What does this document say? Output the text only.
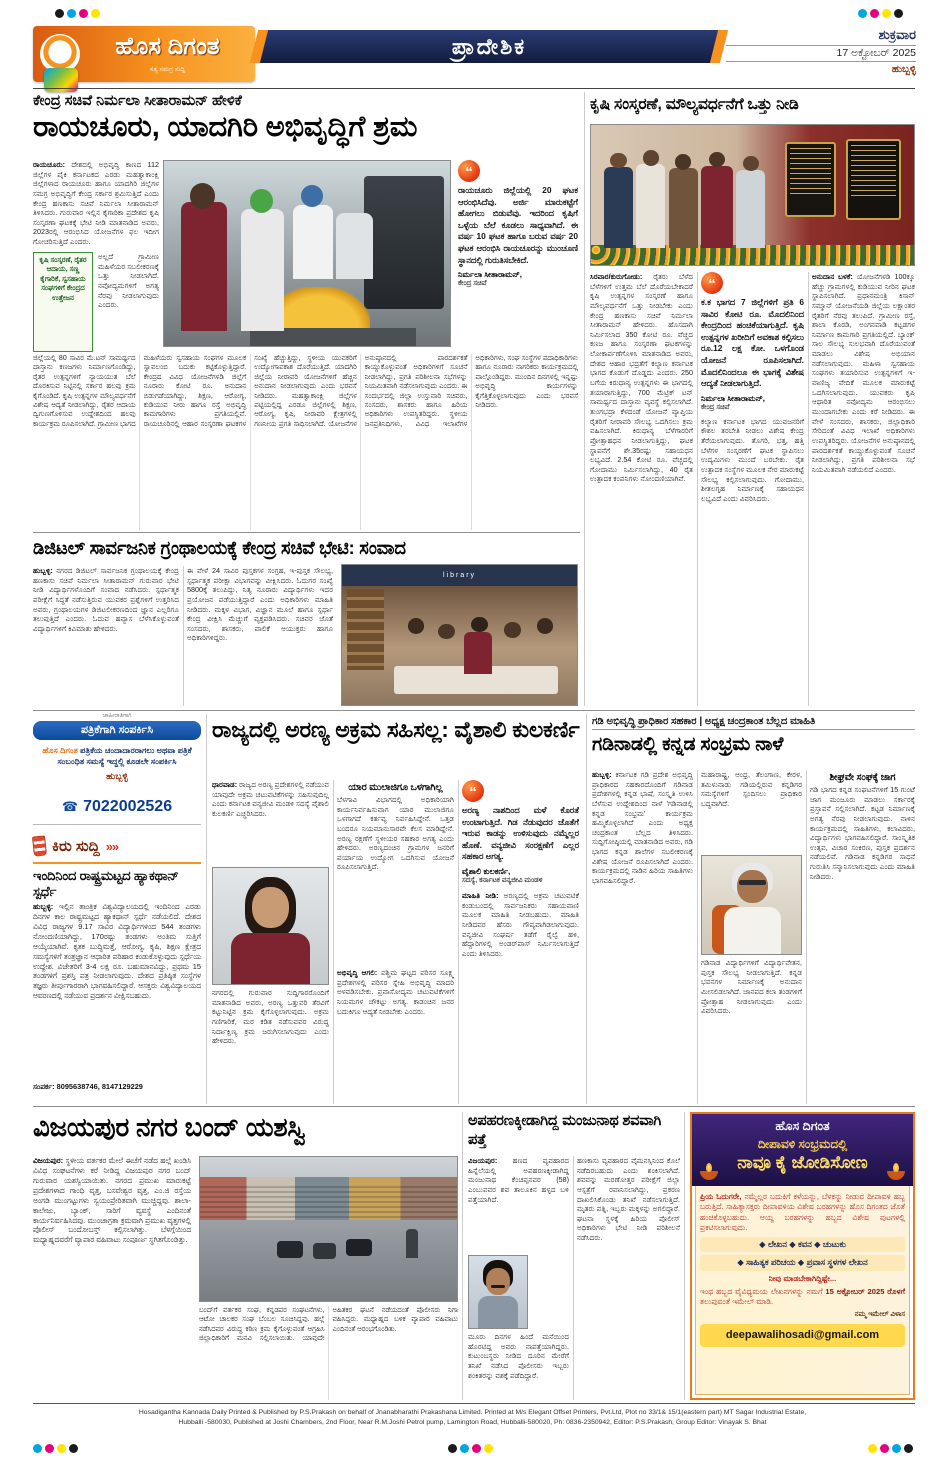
ಹೊಸ ದಿಗಂತ
ಸತ್ಯ ಸಮಗ್ರ ಸುದ್ದಿ
ಪ್ರಾದೇಶಿಕ	ಶುಕ್ರವಾರ
17 ಅಕ್ಟೋಬರ್ 2025
ಹುಬ್ಬಳ್ಳಿ
ಕೇಂದ್ರ ಸಚಿವೆ ನಿರ್ಮಲಾ ಸೀತಾರಾಮನ್ ಹೇಳಿಕೆ
ರಾಯಚೂರು, ಯಾದಗಿರಿ ಅಭಿವೃದ್ಧಿಗೆ ಶ್ರಮ
ರಾಯಚೂರು: ದೇಶದಲ್ಲಿ ಅಭಿವೃದ್ಧಿ ಕಾಣದ 112 ಜಿಲ್ಲೆಗಳ ಪೈಕಿ ಕರ್ನಾಟಕದ ಎರಡು ಮಹತ್ವಾಕಾಂಕ್ಷಿ ಜಿಲ್ಲೆಗಳಾದ ರಾಯಚೂರು ಹಾಗೂ ಯಾದಗಿರಿ ಜಿಲ್ಲೆಗಳ ಸಮಗ್ರ ಅಭಿವೃದ್ಧಿಗೆ ಕೇಂದ್ರ ಸರ್ಕಾರ ಶ್ರಮಿಸುತ್ತಿದೆ ಎಂದು ಕೇಂದ್ರ ಹಣಕಾಸು ಸಚಿವೆ ನಿರ್ಮಲಾ ಸೀತಾರಾಮನ್ ತಿಳಿಸಿದರು. ಗುರುವಾರ ಇಲ್ಲಿನ ಕೈಗಾರಿಕಾ ಪ್ರದೇಶದ ಕೃಷಿ ಸಂಸ್ಕರಣಾ ಘಟಕಕ್ಕೆ ಭೇಟಿ ನೀಡಿ ಮಾತನಾಡಿದ ಅವರು, 2023ರಲ್ಲಿ ಆರಂಭಿಸಿದ ಯೋಜನೆಗಳ ಫಲ ಇದೀಗ ಗೋಚರಿಸುತ್ತಿದೆ ಎಂದರು.
ಕೃಷಿ ಸಂಸ್ಕರಣೆ, ರೈತರ ಆದಾಯ, ಸಣ್ಣ ಕೈಗಾರಿಕೆ, ಸ್ವಸಹಾಯ ಸಂಘಗಳಿಗೆ ಕೇಂದ್ರದ ಉತ್ತೇಜನ
ಅಲ್ಲದೆ ಗ್ರಾಮೀಣ ಮಹಿಳೆಯರ ಸಬಲೀಕರಣಕ್ಕೆ ಒತ್ತು ನೀಡಲಾಗಿದೆ. ನವೋದ್ಯಮಗಳಿಗೆ ಅಗತ್ಯ ನೆರವು ನೀಡಲಾಗುವುದು ಎಂದರು.
“
ರಾಯಚೂರು ಜಿಲ್ಲೆಯಲ್ಲಿ 20 ಘಟಕ ಆರಂಭಿಸಿದೆವು. ಅರ್ಜಿ ಮಾರುಕಟ್ಟೆಗೆ ಹೋಗಲು ಬಿಡುವೆವು. ಇದರಿಂದ ಕೃಷಿಗೆ ಒಳ್ಳೆಯ ಬೆಲೆ ಕೂಡಲು ಸಾಧ್ಯವಾಗಿದೆ. ಈ ವರ್ಷ 10 ಘಟಕ ಹಾಗೂ ಬರುವ ವರ್ಷ 20 ಘಟಕ ಆರಂಭಿಸಿ ರಾಯಚೂರನ್ನು ಮುಂಚೂಣಿ ಸ್ಥಾನದಲ್ಲಿ ಗುರುತಿಸಬೇಕಿದೆ.
ನಿರ್ಮಲಾ ಸೀತಾರಾಮನ್,
ಕೇಂದ್ರ ಸಚಿವೆ
ಜಿಲ್ಲೆಯಲ್ಲಿ 80 ಸಾವಿರ ಮೆ.ಟನ್ ಸಾಮರ್ಥ್ಯದ ದಾಸ್ತಾನು ಕಣಜಗಳು ನಿರ್ಮಾಣಗೊಂಡಿದ್ದು, ರೈತರ ಉತ್ಪನ್ನಗಳಿಗೆ ನ್ಯಾಯಯುತ ಬೆಲೆ ದೊರಕಿಸುವ ನಿಟ್ಟಿನಲ್ಲಿ ಸರ್ಕಾರ ಹಲವು ಕ್ರಮ ಕೈಗೊಂಡಿದೆ. ಕೃಷಿ ಉತ್ಪನ್ನಗಳ ಮೌಲ್ಯವರ್ಧನೆಗೆ ವಿಶೇಷ ಆದ್ಯತೆ ನೀಡಲಾಗಿದ್ದು, ರೈತರ ಆದಾಯ ದ್ವಿಗುಣಗೊಳಿಸುವ ಉದ್ದೇಶದಿಂದ ಹಲವು ಕಾರ್ಯಕ್ರಮ ರೂಪಿಸಲಾಗಿದೆ. ಗ್ರಾಮೀಣ ಭಾಗದ ಮಹಿಳೆಯರು ಸ್ವಸಹಾಯ ಸಂಘಗಳ ಮೂಲಕ ಸ್ವಾವಲಂಬಿ ಬದುಕು ಕಟ್ಟಿಕೊಳ್ಳುತ್ತಿದ್ದಾರೆ. ಕೇಂದ್ರದ ವಿವಿಧ ಯೋಜನೆಗಳಡಿ ಜಿಲ್ಲೆಗೆ ನೂರಾರು ಕೋಟಿ ರೂ. ಅನುದಾನ ಬಿಡುಗಡೆಯಾಗಿದ್ದು, ಶಿಕ್ಷಣ, ಆರೋಗ್ಯ, ಕುಡಿಯುವ ನೀರು ಹಾಗೂ ರಸ್ತೆ ಅಭಿವೃದ್ಧಿ ಕಾಮಗಾರಿಗಳು ಪ್ರಗತಿಯಲ್ಲಿವೆ. ರಾಯಚೂರಿನಲ್ಲಿ ಆಹಾರ ಸಂಸ್ಕರಣಾ ಘಟಕಗಳ ಸಂಖ್ಯೆ ಹೆಚ್ಚುತ್ತಿದ್ದು, ಸ್ಥಳೀಯ ಯುವಕರಿಗೆ ಉದ್ಯೋಗಾವಕಾಶ ದೊರೆಯುತ್ತಿದೆ. ಯಾದಗಿರಿ ಜಿಲ್ಲೆಯ ನೀರಾವರಿ ಯೋಜನೆಗಳಿಗೆ ಹೆಚ್ಚಿನ ಅನುದಾನ ನೀಡಲಾಗುವುದು ಎಂದು ಭರವಸೆ ನೀಡಿದರು. ಮಹತ್ವಾಕಾಂಕ್ಷಿ ಜಿಲ್ಲೆಗಳ ಪಟ್ಟಿಯಲ್ಲಿದ್ದ ಎರಡೂ ಜಿಲ್ಲೆಗಳಲ್ಲಿ ಶಿಕ್ಷಣ, ಆರೋಗ್ಯ, ಕೃಷಿ, ನೀರಾವರಿ ಕ್ಷೇತ್ರಗಳಲ್ಲಿ ಗಣನೀಯ ಪ್ರಗತಿ ಸಾಧಿಸಲಾಗಿದೆ. ಯೋಜನೆಗಳ ಅನುಷ್ಠಾನದಲ್ಲಿ ಪಾರದರ್ಶಕತೆ ಕಾಯ್ದುಕೊಳ್ಳುವಂತೆ ಅಧಿಕಾರಿಗಳಿಗೆ ಸೂಚನೆ ನೀಡಲಾಗಿದ್ದು, ಪ್ರಗತಿ ಪರಿಶೀಲನಾ ಸಭೆಗಳನ್ನು ನಿಯಮಿತವಾಗಿ ನಡೆಸಲಾಗುವುದು ಎಂದರು. ಈ ಸಂದರ್ಭದಲ್ಲಿ ಜಿಲ್ಲಾ ಉಸ್ತುವಾರಿ ಸಚಿವರು, ಸಂಸದರು, ಶಾಸಕರು ಹಾಗೂ ಹಿರಿಯ ಅಧಿಕಾರಿಗಳು ಉಪಸ್ಥಿತರಿದ್ದರು. ಸ್ಥಳೀಯ ಜನಪ್ರತಿನಿಧಿಗಳು, ವಿವಿಧ ಇಲಾಖೆಗಳ ಅಧಿಕಾರಿಗಳು, ಸಂಘ ಸಂಸ್ಥೆಗಳ ಪದಾಧಿಕಾರಿಗಳು ಹಾಗೂ ನೂರಾರು ನಾಗರಿಕರು ಕಾರ್ಯಕ್ರಮದಲ್ಲಿ ಪಾಲ್ಗೊಂಡಿದ್ದರು. ಮುಂದಿನ ದಿನಗಳಲ್ಲಿ ಇನ್ನಷ್ಟು ಅಭಿವೃದ್ಧಿ ಕಾರ್ಯಗಳನ್ನು ಕೈಗೆತ್ತಿಕೊಳ್ಳಲಾಗುವುದು ಎಂದು ಭರವಸೆ ನೀಡಿದರು.
ಕೃಷಿ ಸಂಸ್ಕರಣೆ, ಮೌಲ್ಯವರ್ಧನೆಗೆ ಒತ್ತು ನೀಡಿ
ಸಿರವಾರ/ಕುರುಗೋಡು: ರೈತರು ಬೆಳೆದ ಬೆಳೆಗಳಿಗೆ ಉತ್ತಮ ಬೆಲೆ ದೊರೆಯಬೇಕಾದರೆ ಕೃಷಿ ಉತ್ಪನ್ನಗಳ ಸಂಸ್ಕರಣೆ ಹಾಗೂ ಮೌಲ್ಯವರ್ಧನೆಗೆ ಒತ್ತು ನೀಡಬೇಕು ಎಂದು ಕೇಂದ್ರ ಹಣಕಾಸು ಸಚಿವೆ ನಿರ್ಮಲಾ ಸೀತಾರಾಮನ್ ಹೇಳಿದರು. ಹೊಸದಾಗಿ ನಿರ್ಮಿಸಲಾದ 350 ಕೋಟಿ ರೂ. ವೆಚ್ಚದ ಕಣಜ ಹಾಗೂ ಸಂಸ್ಕರಣಾ ಘಟಕಗಳನ್ನು ಲೋಕಾರ್ಪಣೆಗೊಳಿಸಿ ಮಾತನಾಡಿದ ಅವರು, ದೇಶದ ಆಹಾರ ಭದ್ರತೆಗೆ ಕಲ್ಯಾಣ ಕರ್ನಾಟಕ ಭಾಗದ ಕೊಡುಗೆ ದೊಡ್ಡದು ಎಂದರು. 250 ಬಗೆಯ ಕಿರುಧಾನ್ಯ ಉತ್ಪನ್ನಗಳು ಈ ಭಾಗದಲ್ಲಿ ತಯಾರಾಗುತ್ತಿದ್ದು, 700 ಮೆಟ್ರಿಕ್ ಟನ್ ಸಾಮರ್ಥ್ಯದ ದಾಸ್ತಾನು ವ್ಯವಸ್ಥೆ ಕಲ್ಪಿಸಲಾಗಿದೆ. ತುಂಗಭದ್ರಾ ಕೆಳದಂಡೆ ಯೋಜನೆ ವ್ಯಾಪ್ತಿಯ ರೈತರಿಗೆ ನೀರಾವರಿ ಸೌಲಭ್ಯ ಒದಗಿಸಲು ಕ್ರಮ ವಹಿಸಲಾಗಿದೆ. ಕಿರುಧಾನ್ಯ ಬೆಳೆಗಾರರಿಗೆ ಪ್ರೋತ್ಸಾಹಧನ ನೀಡಲಾಗುತ್ತಿದ್ದು, ಘಟಕ ಸ್ಥಾಪನೆಗೆ ಶೇ.35ರಷ್ಟು ಸಹಾಯಧನ ಲಭ್ಯವಿದೆ. 2.54 ಕೋಟಿ ರೂ. ವೆಚ್ಚದಲ್ಲಿ ಗೋದಾಮು ನಿರ್ಮಿಸಲಾಗಿದ್ದು, 40 ರೈತ ಉತ್ಪಾದಕ ಕಂಪನಿಗಳು ನೋಂದಣಿಯಾಗಿವೆ.
“
ಕ.ಕ ಭಾಗದ 7 ಜಿಲ್ಲೆಗಳಿಗೆ ಪ್ರತಿ 6 ಸಾವಿರ ಕೋಟಿ ರೂ. ಮೊದಲಿನಿಂದ ಕೇಂದ್ರದಿಂದ ಹಂಚಿಕೆಯಾಗುತ್ತಿದೆ. ಕೃಷಿ ಉತ್ಪನ್ನಗಳ ಖರೀದಿಗೆ ಅವಕಾಶ ಕಲ್ಪಿಸಲು ರೂ.12 ಲಕ್ಷ ಕೋ. ಒಳಗೊಂಡ ಯೋಜನೆ ರೂಪಿಸಲಾಗಿದೆ. ಮೊದಲಿನಿಂದಲೂ ಈ ಭಾಗಕ್ಕೆ ವಿಶೇಷ ಆದ್ಯತೆ ನೀಡಲಾಗುತ್ತಿದೆ.
ನಿರ್ಮಲಾ ಸೀತಾರಾಮನ್,
ಕೇಂದ್ರ ಸಚಿವೆ
ಕಲ್ಯಾಣ ಕರ್ನಾಟಕ ಭಾಗದ ಯುವಜನರಿಗೆ ಕೌಶಲ ತರಬೇತಿ ನೀಡಲು ವಿಶೇಷ ಕೇಂದ್ರ ತೆರೆಯಲಾಗುವುದು. ತೊಗರಿ, ಭತ್ತ, ಹತ್ತಿ ಬೆಳೆಗಳ ಸಂಸ್ಕರಣೆಗೆ ಘಟಕ ಸ್ಥಾಪಿಸಲು ಉದ್ಯಮಿಗಳು ಮುಂದೆ ಬರಬೇಕು. ರೈತ ಉತ್ಪಾದಕ ಸಂಸ್ಥೆಗಳ ಮೂಲಕ ನೇರ ಮಾರುಕಟ್ಟೆ ಸೌಲಭ್ಯ ಕಲ್ಪಿಸಲಾಗುವುದು. ಗೋದಾಮು, ಶೀತಲಗೃಹ ನಿರ್ಮಾಣಕ್ಕೆ ಸಹಾಯಧನ ಲಭ್ಯವಿದೆ ಎಂದು ವಿವರಿಸಿದರು.
ಅನುದಾನ ಬಳಕೆ: ಯೋಜನೆಗಳಡಿ 100ಕ್ಕೂ ಹೆಚ್ಚು ಗ್ರಾಮಗಳಲ್ಲಿ ಕುಡಿಯುವ ನೀರಿನ ಘಟಕ ಸ್ಥಾಪಿಸಲಾಗಿದೆ. ಪ್ರಧಾನಮಂತ್ರಿ ಕಿಸಾನ್ ಸಮ್ಮಾನ್ ಯೋಜನೆಯಡಿ ಜಿಲ್ಲೆಯ ಲಕ್ಷಾಂತರ ರೈತರಿಗೆ ನೆರವು ತಲುಪಿದೆ. ಗ್ರಾಮೀಣ ರಸ್ತೆ, ಶಾಲಾ ಕೊಠಡಿ, ಅಂಗನವಾಡಿ ಕಟ್ಟಡಗಳ ನಿರ್ಮಾಣ ಕಾಮಗಾರಿ ಪ್ರಗತಿಯಲ್ಲಿದೆ. ಬ್ಯಾಂಕ್ ಸಾಲ ಸೌಲಭ್ಯ ಸುಲಭವಾಗಿ ದೊರೆಯುವಂತೆ ಮಾಡಲು ವಿಶೇಷ ಅಭಿಯಾನ ನಡೆಸಲಾಗುವುದು. ಮಹಿಳಾ ಸ್ವಸಹಾಯ ಸಂಘಗಳು ತಯಾರಿಸುವ ಉತ್ಪನ್ನಗಳಿಗೆ ಇ-ವಾಣಿಜ್ಯ ವೇದಿಕೆ ಮೂಲಕ ಮಾರುಕಟ್ಟೆ ಒದಗಿಸಲಾಗುವುದು. ಯುವಕರು ಕೃಷಿ ಆಧಾರಿತ ನವೋದ್ಯಮ ಆರಂಭಿಸಲು ಮುಂದಾಗಬೇಕು ಎಂದು ಕರೆ ನೀಡಿದರು. ಈ ವೇಳೆ ಸಂಸದರು, ಶಾಸಕರು, ಜಿಲ್ಲಾಧಿಕಾರಿ ಸೇರಿದಂತೆ ವಿವಿಧ ಇಲಾಖೆ ಅಧಿಕಾರಿಗಳು ಉಪಸ್ಥಿತರಿದ್ದರು. ಯೋಜನೆಗಳ ಅನುಷ್ಠಾನದಲ್ಲಿ ಪಾರದರ್ಶಕತೆ ಕಾಯ್ದುಕೊಳ್ಳುವಂತೆ ಸೂಚನೆ ನೀಡಲಾಗಿದ್ದು, ಪ್ರಗತಿ ಪರಿಶೀಲನಾ ಸಭೆ ನಿಯಮಿತವಾಗಿ ನಡೆಯಲಿದೆ ಎಂದರು.
ಡಿಜಿಟಲ್ ಸಾರ್ವಜನಿಕ ಗ್ರಂಥಾಲಯಕ್ಕೆ ಕೇಂದ್ರ ಸಚಿವೆ ಭೇಟಿ: ಸಂವಾದ
ಹುಬ್ಬಳ್ಳಿ: ನಗರದ ಡಿಜಿಟಲ್ ಸಾರ್ವಜನಿಕ ಗ್ರಂಥಾಲಯಕ್ಕೆ ಕೇಂದ್ರ ಹಣಕಾಸು ಸಚಿವೆ ನಿರ್ಮಲಾ ಸೀತಾರಾಮನ್ ಗುರುವಾರ ಭೇಟಿ ನೀಡಿ ವಿದ್ಯಾರ್ಥಿಗಳೊಂದಿಗೆ ಸಂವಾದ ನಡೆಸಿದರು. ಸ್ಪರ್ಧಾತ್ಮಕ ಪರೀಕ್ಷೆಗೆ ಸಿದ್ಧತೆ ನಡೆಸುತ್ತಿರುವ ಯುವಕರ ಪ್ರಶ್ನೆಗಳಿಗೆ ಉತ್ತರಿಸಿದ ಅವರು, ಗ್ರಂಥಾಲಯಗಳ ಡಿಜಿಟಲೀಕರಣದಿಂದ ಜ್ಞಾನ ಎಲ್ಲರಿಗೂ ತಲುಪುತ್ತಿದೆ ಎಂದರು. ಓದುವ ಹವ್ಯಾಸ ಬೆಳೆಸಿಕೊಳ್ಳುವಂತೆ ವಿದ್ಯಾರ್ಥಿಗಳಿಗೆ ಕಿವಿಮಾತು ಹೇಳಿದರು.
ಈ ವೇಳೆ 24 ಸಾವಿರ ಪುಸ್ತಕಗಳ ಸಂಗ್ರಹ, ಇ-ಪುಸ್ತಕ ಸೌಲಭ್ಯ, ಸ್ಪರ್ಧಾತ್ಮಕ ಪರೀಕ್ಷಾ ವಿಭಾಗವನ್ನು ವೀಕ್ಷಿಸಿದರು. ಓದುಗರ ಸಂಖ್ಯೆ 5800ಕ್ಕೆ ತಲುಪಿದ್ದು, ನಿತ್ಯ ನೂರಾರು ವಿದ್ಯಾರ್ಥಿಗಳು ಇದರ ಪ್ರಯೋಜನ ಪಡೆಯುತ್ತಿದ್ದಾರೆ ಎಂದು ಅಧಿಕಾರಿಗಳು ಮಾಹಿತಿ ನೀಡಿದರು. ಮಕ್ಕಳ ವಿಭಾಗ, ವಿಜ್ಞಾನ ಮೂಲೆ ಹಾಗೂ ಸ್ಪರ್ಧಾ ಕೇಂದ್ರ ವೀಕ್ಷಿಸಿ ಮೆಚ್ಚುಗೆ ವ್ಯಕ್ತಪಡಿಸಿದರು. ಸಚಿವರ ಜೊತೆ ಸಂಸದರು, ಶಾಸಕರು, ಪಾಲಿಕೆ ಆಯುಕ್ತರು ಹಾಗೂ ಅಧಿಕಾರಿಗಳಿದ್ದರು.
library
ಜಾಹೀರಾತಿಗಾಗಿ
ಪತ್ರಿಕೆಗಾಗಿ ಸಂಪರ್ಕಿಸಿ
ಹೊಸ ದಿಗಂತ ಪತ್ರಿಕೆಯ ಚಂದಾದಾರರಾಗಲು ಅಥವಾ ಪತ್ರಿಕೆ ಸಂಬಂಧಿತ ಸಮಸ್ಯೆ ಇದ್ದಲ್ಲಿ ಕೂಡಲೇ ಸಂಪರ್ಕಿಸಿ
ಹುಬ್ಬಳ್ಳಿ
☎ 7022002526
ಕಿರು ಸುದ್ದಿ »»
ಇಂದಿನಿಂದ ರಾಷ್ಟ್ರಮಟ್ಟದ ಹ್ಯಾಕಥಾನ್ ಸ್ಪರ್ಧೆ
ಹುಬ್ಬಳ್ಳಿ: ಇಲ್ಲಿನ ತಾಂತ್ರಿಕ ವಿಶ್ವವಿದ್ಯಾಲಯದಲ್ಲಿ ಇಂದಿನಿಂದ ಎರಡು ದಿನಗಳ ಕಾಲ ರಾಷ್ಟ್ರಮಟ್ಟದ ಹ್ಯಾಕಥಾನ್ ಸ್ಪರ್ಧೆ ನಡೆಯಲಿದೆ. ದೇಶದ ವಿವಿಧ ರಾಜ್ಯಗಳ 9.17 ಸಾವಿರ ವಿದ್ಯಾರ್ಥಿಗಳಿಂದ 544 ತಂಡಗಳು ನೋಂದಣಿಯಾಗಿದ್ದು, 170ರಷ್ಟು ತಂಡಗಳು ಅಂತಿಮ ಸುತ್ತಿಗೆ ಆಯ್ಕೆಯಾಗಿವೆ. ಕೃತಕ ಬುದ್ಧಿಮತ್ತೆ, ಆರೋಗ್ಯ, ಕೃಷಿ, ಶಿಕ್ಷಣ ಕ್ಷೇತ್ರದ ಸಮಸ್ಯೆಗಳಿಗೆ ತಂತ್ರಜ್ಞಾನ ಆಧಾರಿತ ಪರಿಹಾರ ಕಂಡುಕೊಳ್ಳುವುದು ಸ್ಪರ್ಧೆಯ ಉದ್ದೇಶ. ವಿಜೇತರಿಗೆ 3-4 ಲಕ್ಷ ರೂ. ಬಹುಮಾನವಿದ್ದು, ಪ್ರಥಮ 15 ತಂಡಗಳಿಗೆ ಪ್ರಶಸ್ತಿ ಪತ್ರ ನೀಡಲಾಗುವುದು. ದೇಶದ ಪ್ರತಿಷ್ಠಿತ ಸಂಸ್ಥೆಗಳ ತಜ್ಞರು ತೀರ್ಪುಗಾರರಾಗಿ ಭಾಗವಹಿಸಲಿದ್ದಾರೆ. ಆಸಕ್ತರು ವಿಶ್ವವಿದ್ಯಾಲಯದ ಆವರಣದಲ್ಲಿ ನಡೆಯುವ ಪ್ರದರ್ಶನ ವೀಕ್ಷಿಸಬಹುದು.
ಸಂಪರ್ಕ: 8095638746, 8147129229
ರಾಜ್ಯದಲ್ಲಿ ಅರಣ್ಯ ಅಕ್ರಮ ಸಹಿಸಲ್ಲ: ವೈಶಾಲಿ ಕುಲಕರ್ಣಿ
ಧಾರವಾಡ: ರಾಜ್ಯದ ಅರಣ್ಯ ಪ್ರದೇಶಗಳಲ್ಲಿ ನಡೆಯುವ ಯಾವುದೇ ಅಕ್ರಮ ಚಟುವಟಿಕೆಗಳನ್ನು ಸಹಿಸುವುದಿಲ್ಲ ಎಂದು ಕರ್ನಾಟಕ ವನ್ಯಜೀವಿ ಮಂಡಳಿ ಸದಸ್ಯೆ ವೈಶಾಲಿ ಕುಲಕರ್ಣಿ ಎಚ್ಚರಿಸಿದರು.
ನಗರದಲ್ಲಿ ಗುರುವಾರ ಸುದ್ದಿಗಾರರೊಂದಿಗೆ ಮಾತನಾಡಿದ ಅವರು, ಅರಣ್ಯ ಒತ್ತುವರಿ ತೆರವಿಗೆ ಕಟ್ಟುನಿಟ್ಟಿನ ಕ್ರಮ ಕೈಗೊಳ್ಳಲಾಗುವುದು. ಅಕ್ರಮ ಗಣಿಗಾರಿಕೆ, ಮರ ಕಡಿತ ನಡೆಸುವವರ ವಿರುದ್ಧ ನಿರ್ದಾಕ್ಷಿಣ್ಯ ಕ್ರಮ ಜರುಗಿಸಲಾಗುವುದು ಎಂದು ಹೇಳಿದರು.
ಯಾರ ಮುಲಾಜಿಗೂ ಒಳಗಾಗಿಲ್ಲ
ಬೆಳಗಾವಿ ವಿಭಾಗದಲ್ಲಿ ಅಧಿಕಾರಿಯಾಗಿ ಕಾರ್ಯನಿರ್ವಹಿಸುವಾಗ ಯಾರ ಮುಲಾಜಿಗೂ ಒಳಗಾಗದೆ ಕರ್ತವ್ಯ ನಿರ್ವಹಿಸಿದ್ದೇನೆ. ಒತ್ತಡ ಬಂದರೂ ನಿಯಮಾನುಸಾರವೇ ಕೆಲಸ ಮಾಡಿದ್ದೇನೆ. ಅರಣ್ಯ ರಕ್ಷಣೆಗೆ ಸ್ಥಳೀಯರ ಸಹಕಾರ ಅಗತ್ಯ ಎಂದು ಹೇಳಿದರು. ಅರಣ್ಯದಂಚಿನ ಗ್ರಾಮಗಳ ಜನರಿಗೆ ಪರ್ಯಾಯ ಉದ್ಯೋಗ ಒದಗಿಸುವ ಯೋಜನೆ ರೂಪಿಸಲಾಗುತ್ತಿದೆ.
ಅಭಿವೃದ್ಧಿ ಆಗಲಿ: ಪಶ್ಚಿಮ ಘಟ್ಟದ ಪರಿಸರ ಸೂಕ್ಷ್ಮ ಪ್ರದೇಶಗಳಲ್ಲಿ ಪರಿಸರ ಸ್ನೇಹಿ ಅಭಿವೃದ್ಧಿ ಮಾದರಿ ಅಳವಡಿಸಬೇಕು. ಪ್ರವಾಸೋದ್ಯಮ ಚಟುವಟಿಕೆಗಳಿಗೆ ನಿಯಮಗಳ ಚೌಕಟ್ಟು ಅಗತ್ಯ. ಕಾಡಂಚಿನ ಜನರ ಬದುಕಿಗೂ ಆದ್ಯತೆ ನೀಡಬೇಕು ಎಂದರು.
“
ಅರಣ್ಯ ನಾಶದಿಂದ ಮಳೆ ಕೊರತೆ ಉಂಟಾಗುತ್ತಿದೆ. ಗಿಡ ನೆಡುವುದರ ಜೊತೆಗೆ ಇರುವ ಕಾಡನ್ನು ಉಳಿಸುವುದು ನಮ್ಮೆಲ್ಲರ ಹೊಣೆ. ವನ್ಯಜೀವಿ ಸಂರಕ್ಷಣೆಗೆ ಎಲ್ಲರ ಸಹಕಾರ ಅಗತ್ಯ.
ವೈಶಾಲಿ ಕುಲಕರ್ಣಿ,
ಸದಸ್ಯೆ, ಕರ್ನಾಟಕ ವನ್ಯಜೀವಿ ಮಂಡಳಿ
ಮಾಹಿತಿ ನೀಡಿ: ಅರಣ್ಯದಲ್ಲಿ ಅಕ್ರಮ ಚಟುವಟಿಕೆ ಕಂಡುಬಂದಲ್ಲಿ ಸಾರ್ವಜನಿಕರು ಸಹಾಯವಾಣಿ ಮೂಲಕ ಮಾಹಿತಿ ನೀಡಬಹುದು. ಮಾಹಿತಿ ನೀಡಿದವರ ಹೆಸರು ಗೌಪ್ಯವಾಗಿಡಲಾಗುವುದು. ವನ್ಯಜೀವಿ ಸಂಘರ್ಷ ತಡೆಗೆ ರೈಲ್ವೆ ಹಳಿ, ಹೆದ್ದಾರಿಗಳಲ್ಲಿ ಅಂಡರ್‌ಪಾಸ್ ನಿರ್ಮಿಸಲಾಗುತ್ತಿದೆ ಎಂದು ತಿಳಿಸಿದರು.
ಗಡಿ ಅಭಿವೃದ್ಧಿ ಪ್ರಾಧಿಕಾರ ಸಹಕಾರ | ಅಧ್ಯಕ್ಷ ಚಂದ್ರಕಾಂತ ಬೆಲ್ಲದ ಮಾಹಿತಿ
ಗಡಿನಾಡಲ್ಲಿ ಕನ್ನಡ ಸಂಭ್ರಮ ನಾಳೆ
ಹುಬ್ಬಳ್ಳಿ: ಕರ್ನಾಟಕ ಗಡಿ ಪ್ರದೇಶ ಅಭಿವೃದ್ಧಿ ಪ್ರಾಧಿಕಾರದ ಸಹಕಾರದೊಂದಿಗೆ ಗಡಿನಾಡ ಪ್ರದೇಶಗಳಲ್ಲಿ ಕನ್ನಡ ಭಾಷೆ, ಸಂಸ್ಕೃತಿ ಉಳಿಸಿ ಬೆಳೆಸುವ ಉದ್ದೇಶದಿಂದ ನಾಳೆ 'ಗಡಿನಾಡಲ್ಲಿ ಕನ್ನಡ ಸಂಭ್ರಮ' ಕಾರ್ಯಕ್ರಮ ಹಮ್ಮಿಕೊಳ್ಳಲಾಗಿದೆ ಎಂದು ಅಧ್ಯಕ್ಷ ಚಂದ್ರಕಾಂತ ಬೆಲ್ಲದ ತಿಳಿಸಿದರು. ಸುದ್ದಿಗೋಷ್ಠಿಯಲ್ಲಿ ಮಾತನಾಡಿದ ಅವರು, ಗಡಿ ಭಾಗದ ಕನ್ನಡ ಶಾಲೆಗಳ ಸಬಲೀಕರಣಕ್ಕೆ ವಿಶೇಷ ಯೋಜನೆ ರೂಪಿಸಲಾಗಿದೆ ಎಂದರು. ಕಾರ್ಯಕ್ರಮದಲ್ಲಿ ನಾಡಿನ ಹಿರಿಯ ಸಾಹಿತಿಗಳು ಭಾಗವಹಿಸಲಿದ್ದಾರೆ.
ಮಹಾರಾಷ್ಟ್ರ, ಆಂಧ್ರ, ತೆಲಂಗಾಣ, ಕೇರಳ, ತಮಿಳುನಾಡು ಗಡಿಯಲ್ಲಿರುವ ಕನ್ನಡಿಗರ ಸಮಸ್ಯೆಗಳಿಗೆ ಸ್ಪಂದಿಸಲು ಪ್ರಾಧಿಕಾರ ಬದ್ಧವಾಗಿದೆ.
ಗಡಿನಾಡ ವಿದ್ಯಾರ್ಥಿಗಳಿಗೆ ವಿದ್ಯಾರ್ಥಿವೇತನ, ಪುಸ್ತಕ ಸೌಲಭ್ಯ ನೀಡಲಾಗುತ್ತಿದೆ. ಕನ್ನಡ ಭವನಗಳ ನಿರ್ಮಾಣಕ್ಕೆ ಅನುದಾನ ಮೀಸಲಿಡಲಾಗಿದೆ. ಜಾನಪದ ಕಲಾ ತಂಡಗಳಿಗೆ ಪ್ರೋತ್ಸಾಹ ನೀಡಲಾಗುವುದು ಎಂದು ವಿವರಿಸಿದರು.
ಶೀಘ್ರವೇ ಸಂಘಕ್ಕೆ ಜಾಗ
ಗಡಿ ಭಾಗದ ಕನ್ನಡ ಸಂಘಟನೆಗಳಿಗೆ 15 ಗುಂಟೆ ಜಾಗ ಮಂಜೂರು ಮಾಡಲು ಸರ್ಕಾರಕ್ಕೆ ಪ್ರಸ್ತಾವನೆ ಸಲ್ಲಿಸಲಾಗಿದೆ. ಕಟ್ಟಡ ನಿರ್ಮಾಣಕ್ಕೆ ಅಗತ್ಯ ನೆರವು ನೀಡಲಾಗುವುದು. ನಾಳಿನ ಕಾರ್ಯಕ್ರಮದಲ್ಲಿ ಸಾಹಿತಿಗಳು, ಕಲಾವಿದರು, ವಿದ್ಯಾರ್ಥಿಗಳು ಭಾಗವಹಿಸಲಿದ್ದಾರೆ. ಸಾಂಸ್ಕೃತಿಕ ಉತ್ಸವ, ವಿಚಾರ ಸಂಕಿರಣ, ಪುಸ್ತಕ ಪ್ರದರ್ಶನ ನಡೆಯಲಿವೆ. ಗಡಿನಾಡ ಕನ್ನಡಿಗರ ಸಾಧನೆ ಗುರುತಿಸಿ ಸನ್ಮಾನಿಸಲಾಗುವುದು ಎಂದು ಮಾಹಿತಿ ನೀಡಿದರು.
ವಿಜಯಪುರ ನಗರ ಬಂದ್ ಯಶಸ್ವಿ
ವಿಜಯಪುರ: ಸ್ಥಳೀಯ ವರ್ತಕರ ಮೇಲೆ ಈಚೆಗೆ ನಡೆದ ಹಲ್ಲೆ ಖಂಡಿಸಿ ವಿವಿಧ ಸಂಘಟನೆಗಳು ಕರೆ ನೀಡಿದ್ದ ವಿಜಯಪುರ ನಗರ ಬಂದ್ ಗುರುವಾರ ಯಶಸ್ವಿಯಾಯಿತು. ನಗರದ ಪ್ರಮುಖ ಮಾರುಕಟ್ಟೆ ಪ್ರದೇಶಗಳಾದ ಗಾಂಧಿ ವೃತ್ತ, ಬಸವೇಶ್ವರ ವೃತ್ತ, ಎಂ.ಜಿ ರಸ್ತೆಯ ಅಂಗಡಿ ಮುಂಗಟ್ಟುಗಳು ಸ್ವಯಂಪ್ರೇರಿತವಾಗಿ ಮುಚ್ಚಿದ್ದವು. ಶಾಲಾ-ಕಾಲೇಜು, ಬ್ಯಾಂಕ್, ಸಾರಿಗೆ ವ್ಯವಸ್ಥೆ ಎಂದಿನಂತೆ ಕಾರ್ಯನಿರ್ವಹಿಸಿದವು. ಮುಂಜಾಗ್ರತಾ ಕ್ರಮವಾಗಿ ಪ್ರಮುಖ ವೃತ್ತಗಳಲ್ಲಿ ಪೊಲೀಸ್ ಬಂದೋಬಸ್ತ್ ಕಲ್ಪಿಸಲಾಗಿತ್ತು. ಬೆಳಗ್ಗೆಯಿಂದ ಮಧ್ಯಾಹ್ನದವರೆಗೆ ವ್ಯಾಪಾರ ವಹಿವಾಟು ಸಂಪೂರ್ಣ ಸ್ಥಗಿತಗೊಂಡಿತ್ತು.
ಬಂದ್‌ಗೆ ವರ್ತಕರ ಸಂಘ, ಕನ್ನಡಪರ ಸಂಘಟನೆಗಳು, ಆಟೋ ಚಾಲಕರ ಸಂಘ ಬೆಂಬಲ ಸೂಚಿಸಿದ್ದವು. ಹಲ್ಲೆ ನಡೆಸಿದವರ ವಿರುದ್ಧ ಕಠಿಣ ಕ್ರಮ ಕೈಗೊಳ್ಳುವಂತೆ ಆಗ್ರಹಿಸಿ ಜಿಲ್ಲಾಧಿಕಾರಿಗೆ ಮನವಿ ಸಲ್ಲಿಸಲಾಯಿತು. ಯಾವುದೇ ಅಹಿತಕರ ಘಟನೆ ನಡೆಯದಂತೆ ಪೊಲೀಸರು ನಿಗಾ ವಹಿಸಿದ್ದರು. ಮಧ್ಯಾಹ್ನದ ಬಳಿಕ ವ್ಯಾಪಾರ ವಹಿವಾಟು ಎಂದಿನಂತೆ ಆರಂಭಗೊಂಡಿತು.
ಅಪಹರಣಕ್ಕೀಡಾಗಿದ್ದ ಮಂಜುನಾಥ ಶವವಾಗಿ ಪತ್ತೆ
ವಿಜಯಪುರ: ಹಣದ ವ್ಯವಹಾರದ ಹಿನ್ನೆಲೆಯಲ್ಲಿ ಅಪಹರಣಕ್ಕೀಡಾಗಿದ್ದ ಮಂಜುನಾಥ ಕೆಂಚಪ್ಪನವರ (58) ಎಂಬುವವರ ಶವ ತಾಲೂಕಿನ ಹಳ್ಳದ ಬಳಿ ಪತ್ತೆಯಾಗಿದೆ.
ಮೂರು ದಿನಗಳ ಹಿಂದೆ ಮನೆಯಿಂದ ಹೊರಟಿದ್ದ ಅವರು ನಾಪತ್ತೆಯಾಗಿದ್ದರು. ಕುಟುಂಬಸ್ಥರು ನೀಡಿದ ದೂರಿನ ಮೇರೆಗೆ ತನಿಖೆ ನಡೆಸಿದ ಪೊಲೀಸರು ಇಬ್ಬರು ಶಂಕಿತರನ್ನು ವಶಕ್ಕೆ ಪಡೆದಿದ್ದಾರೆ.
ಹಣಕಾಸು ವ್ಯವಹಾರದ ವೈಮನಸ್ಸಿನಿಂದ ಕೊಲೆ ನಡೆದಿರಬಹುದು ಎಂದು ಶಂಕಿಸಲಾಗಿದೆ. ಶವವನ್ನು ಮರಣೋತ್ತರ ಪರೀಕ್ಷೆಗೆ ಜಿಲ್ಲಾ ಆಸ್ಪತ್ರೆಗೆ ರವಾನಿಸಲಾಗಿದ್ದು, ಪ್ರಕರಣ ದಾಖಲಿಸಿಕೊಂಡು ತನಿಖೆ ನಡೆಸಲಾಗುತ್ತಿದೆ. ಮೃತರು ಪತ್ನಿ, ಇಬ್ಬರು ಮಕ್ಕಳನ್ನು ಅಗಲಿದ್ದಾರೆ. ಘಟನಾ ಸ್ಥಳಕ್ಕೆ ಹಿರಿಯ ಪೊಲೀಸ್ ಅಧಿಕಾರಿಗಳು ಭೇಟಿ ನೀಡಿ ಪರಿಶೀಲನೆ ನಡೆಸಿದರು.
ಹೊಸ ದಿಗಂತ
ದೀಪಾವಳಿ ಸಂಭ್ರಮದಲ್ಲಿ
ನಾವೂ ಕೈ ಜೋಡಿಸೋಣ
ಪ್ರಿಯ ಓದುಗರೇ, ನಮ್ಮೆಲ್ಲರ ಬದುಕಿಗೆ ಕಳೆಯನ್ನು, ಬೆಳಕನ್ನು ನೀಡುವ ದೀಪಾವಳಿ ಹಬ್ಬ ಬರುತ್ತಿದೆ. ಸಾಹಿತ್ಯಾಸಕ್ತರು ದೀಪಾವಳಿಯ ವಿಶೇಷ ಬರಹಗಳನ್ನು ಹೊಸ ದಿಗಂತದ ಜೊತೆ ಹಂಚಿಕೊಳ್ಳಬಹುದು. ಆಯ್ದ ಬರಹಗಳನ್ನು ಹಬ್ಬದ ವಿಶೇಷ ಪುಟಗಳಲ್ಲಿ ಪ್ರಕಟಿಸಲಾಗುವುದು.
◆ ಲೇಖನ ◆ ಕವನ ◆ ಚುಟುಕು
◆ ಸಾಹಿತ್ಯಕ ಪರಿಚಯ ◆ ಪ್ರವಾಸ ಸ್ಥಳಗಳ ಲೇಖನ
ನೀವು ಮಾಡಬೇಕಾಗಿದ್ದಿಷ್ಟೇ...
ಇಂಥ ಹಬ್ಬದ ವೈವಿಧ್ಯಮಯ ಲೇಖನಗಳನ್ನು ನಮಗೆ 15 ಅಕ್ಟೋಬರ್ 2025 ರೊಳಗೆ ತಲುಪುವಂತೆ ಇಮೇಲ್ ಮಾಡಿ.
ನಮ್ಮ ಇಮೇಲ್ ವಿಳಾಸ
deepawalihosadi@gmail.com
Hosadigantha Kannada Daily Printed & Published by P.S.Prakash on behalf of Jnanabharathi Prakashana Limited. Printed at M/s Elegant Offset Printers, Pvt.Ltd, Plot no 33/1& 15/1(eastern part) MT Sagar Industrial Estate,
Hubballi -580030, Published at Joshi Chambers, 2nd Floor, Near R.M.Joshi Petrol pump, Lamington Road, Hubballi-580020, Ph: 0836-2350942, Editor: P.S.Prakash, Group Editor: Vinayak S. Bhat
